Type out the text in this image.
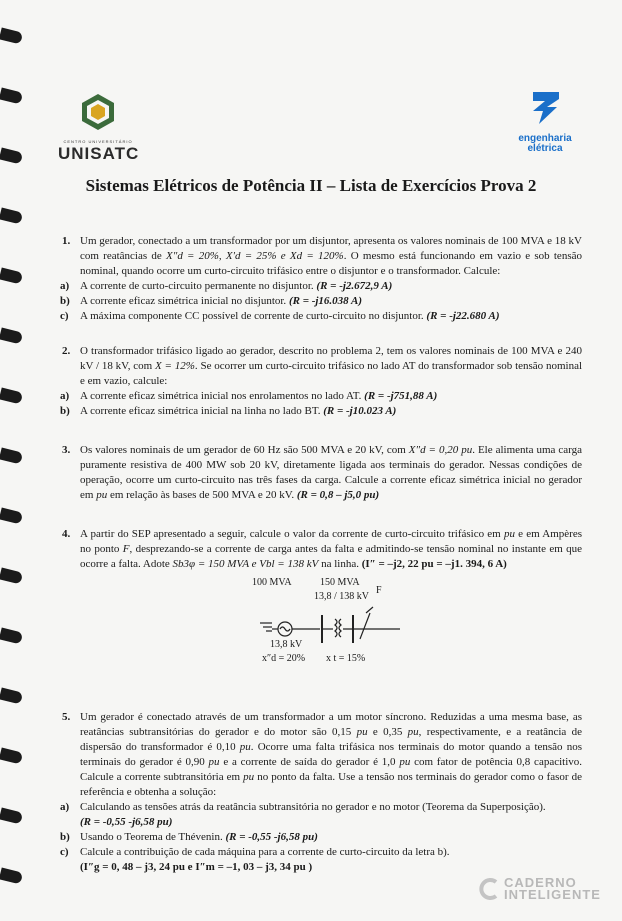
CENTRO UNIVERSITÁRIO
UNISATC
engenharia
elétrica
Sistemas Elétricos de Potência II – Lista de Exercícios Prova 2
1. Um gerador, conectado a um transformador por um disjuntor, apresenta os valores nominais de 100 MVA e 18 kV com reatâncias de X″d = 20%, X′d = 25% e Xd = 120%. O mesmo está funcionando em vazio e sob tensão nominal, quando ocorre um curto-circuito trifásico entre o disjuntor e o transformador. Calcule:
a) A corrente de curto-circuito permanente no disjuntor. (R = -j2.672,9 A)
b) A corrente eficaz simétrica inicial no disjuntor. (R = -j16.038 A)
c) A máxima componente CC possível de corrente de curto-circuito no disjuntor. (R = -j22.680 A)
2. O transformador trifásico ligado ao gerador, descrito no problema 2, tem os valores nominais de 100 MVA e 240 kV / 18 kV, com X = 12%. Se ocorrer um curto-circuito trifásico no lado AT do transformador sob tensão nominal e em vazio, calcule:
a) A corrente eficaz simétrica inicial nos enrolamentos no lado AT. (R = -j751,88 A)
b) A corrente eficaz simétrica inicial na linha no lado BT. (R = -j10.023 A)
3. Os valores nominais de um gerador de 60 Hz são 500 MVA e 20 kV, com X″d = 0,20 pu. Ele alimenta uma carga puramente resistiva de 400 MW sob 20 kV, diretamente ligada aos terminais do gerador. Nessas condições de operação, ocorre um curto-circuito nas três fases da carga. Calcule a corrente eficaz simétrica inicial no gerador em pu em relação às bases de 500 MVA e 20 kV. (R = 0,8 – j5,0 pu)
4. A partir do SEP apresentado a seguir, calcule o valor da corrente de curto-circuito trifásico em pu e em Ampères no ponto F, desprezando-se a corrente de carga antes da falta e admitindo-se tensão nominal no instante em que ocorre a falta. Adote Sb3φ = 150 MVA e Vbl = 138 kV na linha. (I″ = –j2, 22 pu = –j1. 394, 6 A)
100 MVA	150 MVA
13,8 / 138 kV
F
13,8 kV
x″d = 20% x t = 15%
5. Um gerador é conectado através de um transformador a um motor síncrono. Reduzidas a uma mesma base, as reatâncias subtransitórias do gerador e do motor são 0,15 pu e 0,35 pu, respectivamente, e a reatância de dispersão do transformador é 0,10 pu. Ocorre uma falta trifásica nos terminais do motor quando a tensão nos terminais do gerador é 0,90 pu e a corrente de saída do gerador é 1,0 pu com fator de potência 0,8 capacitivo. Calcule a corrente subtransitória em pu no ponto da falta. Use a tensão nos terminais do gerador como o fasor de referência e obtenha a solução:
a) Calculando as tensões atrás da reatância subtransitória no gerador e no motor (Teorema da Superposição).
(R = -0,55 -j6,58 pu)
b) Usando o Teorema de Thévenin. (R = -0,55 -j6,58 pu)
c) Calcule a contribuição de cada máquina para a corrente de curto-circuito da letra b).
(I″g = 0, 48 – j3, 24 pu e I″m = –1, 03 – j3, 34 pu )
CADERNO
INTELIGENTE
